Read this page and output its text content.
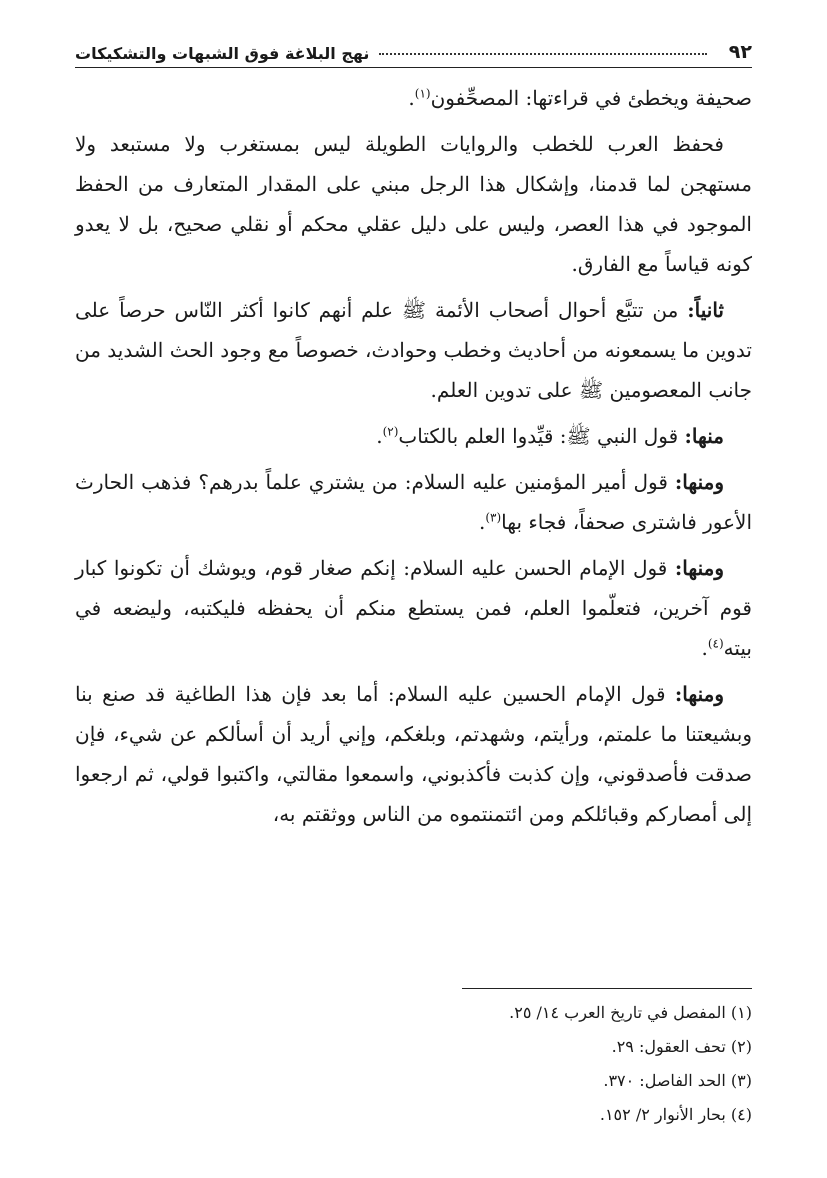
٩٢
نهج البلاغة فوق الشبهات والتشكيكات

صحيفة ويخطئ في قراءتها: المصحِّفون$^{(١)}$.

فحفظ العرب للخطب والروايات الطويلة ليس بمستغرب ولا مستبعد ولا مستهجن لما قدمنا، وإشكال هذا الرجل مبني على المقدار المتعارف من الحفظ الموجود في هذا العصر، وليس على دليل عقلي محكم أو نقلي صحيح، بل لا يعدو كونه قياساً مع الفارق.

ثانياً: من تتبَّع أحوال أصحاب الأئمة ﷺ علم أنهم كانوا أكثر النّاس حرصاً على تدوين ما يسمعونه من أحاديث وخطب وحوادث، خصوصاً مع وجود الحث الشديد من جانب المعصومين ﷺ على تدوين العلم.

منها: قول النبي ﷺ: قيِّدوا العلم بالكتاب$^{(٢)}$.

ومنها: قول أمير المؤمنين عليه السلام: من يشتري علماً بدرهم؟ فذهب الحارث الأعور فاشترى صحفاً، فجاء بها$^{(٣)}$.

ومنها: قول الإمام الحسن عليه السلام: إنكم صغار قوم، ويوشك أن تكونوا كبار قوم آخرين، فتعلّموا العلم، فمن يستطع منكم أن يحفظه فليكتبه، وليضعه في بيته$^{(٤)}$.

ومنها: قول الإمام الحسين عليه السلام: أما بعد فإن هذا الطاغية قد صنع بنا وبشيعتنا ما علمتم، ورأيتم، وشهدتم، وبلغكم، وإني أريد أن أسألكم عن شيء، فإن صدقت فأصدقوني، وإن كذبت فأكذبوني، واسمعوا مقالتي، واكتبوا قولي، ثم ارجعوا إلى أمصاركم وقبائلكم ومن ائتمنتموه من الناس ووثقتم به،

(١) المفصل في تاريخ العرب ١٤/ ٢٥.

(٢) تحف العقول: ٢٩.

(٣) الحد الفاصل: ٣٧٠.

(٤) بحار الأنوار ٢/ ١٥٢.
